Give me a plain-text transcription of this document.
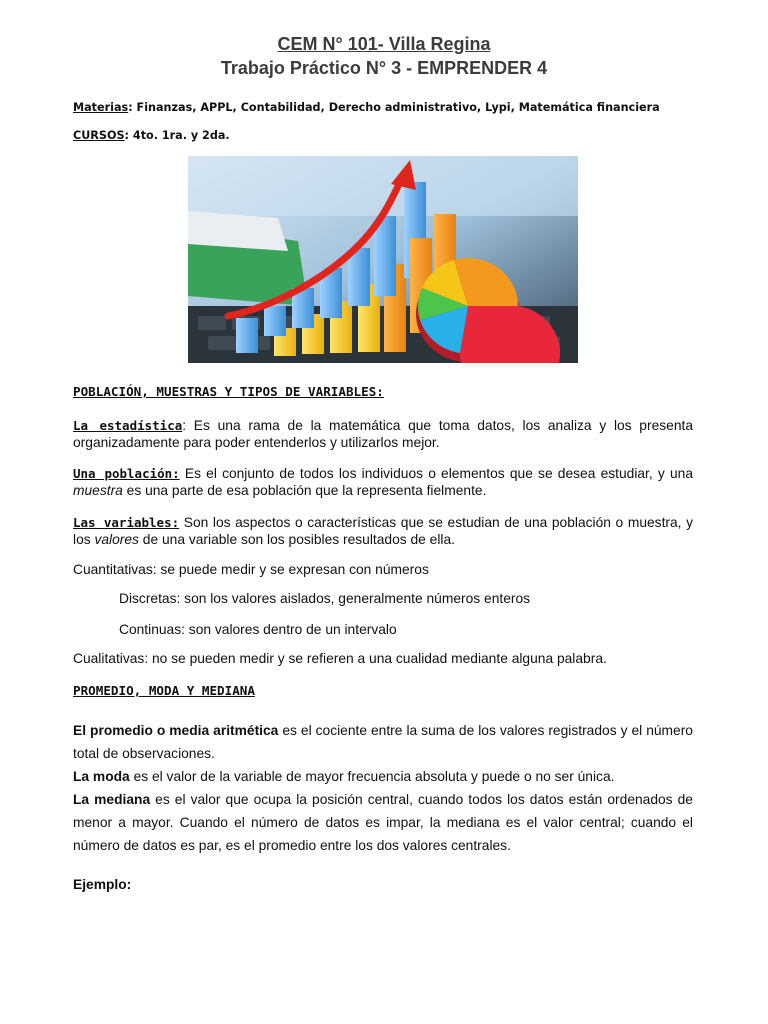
CEM N° 101- Villa Regina
Trabajo Práctico N° 3 - EMPRENDER 4
Materias: Finanzas, APPL, Contabilidad, Derecho administrativo, Lypi, Matemática financiera
CURSOS: 4to. 1ra. y 2da.
POBLACIÓN, MUESTRAS Y TIPOS DE VARIABLES:
La estadística: Es una rama de la matemática que toma datos, los analiza y los presenta organizadamente para poder entenderlos y utilizarlos mejor.
Una población: Es el conjunto de todos los individuos o elementos que se desea estudiar, y una muestra es una parte de esa población que la representa fielmente.
Las variables: Son los aspectos o características que se estudian de una población o muestra, y los valores de una variable son los posibles resultados de ella.
Cuantitativas: se puede medir y se expresan con números
Discretas: son los valores aislados, generalmente números enteros
Continuas: son valores dentro de un intervalo
Cualitativas: no se pueden medir y se refieren a una cualidad mediante alguna palabra.
PROMEDIO, MODA Y MEDIANA
El promedio o media aritmética es el cociente entre la suma de los valores registrados y el número total de observaciones.
La moda es el valor de la variable de mayor frecuencia absoluta y puede o no ser única.
La mediana es el valor que ocupa la posición central, cuando todos los datos están ordenados de menor a mayor. Cuando el número de datos es impar, la mediana es el valor central; cuando el número de datos es par, es el promedio entre los dos valores centrales.
Ejemplo:
